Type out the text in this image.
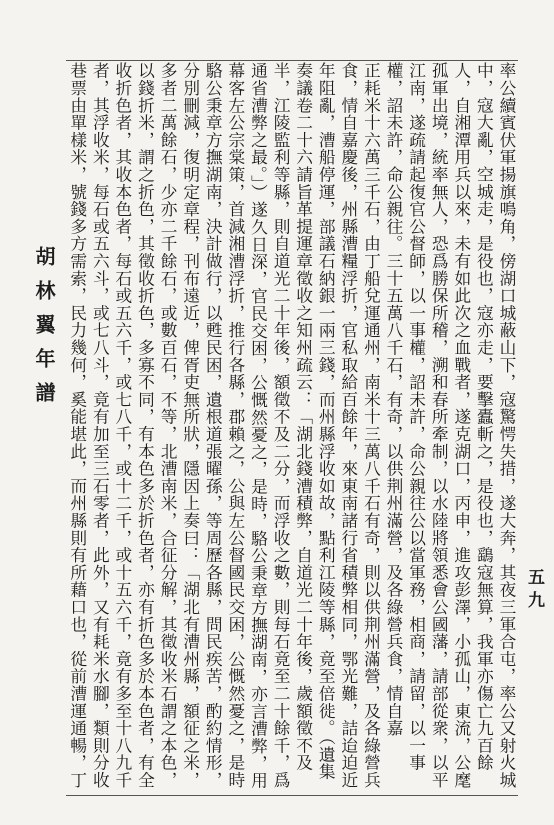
五九

率公續賓伏軍揚旗鳴角，傍湖口城蔽山下，寇驚愕失措，遂大奔，其夜三軍合屯，率公又射火城中，寇大亂，空城走，是役也，寇亦走，要擊蠹斬之，是役也，鷂寇無算，我軍亦傷亡九百餘人，自湘潭用兵以來，未有如此次之血戰者，遂克湖口，丙申，進攻彭澤，小孤山，東流，公麾孤軍出境，統率無人，恐爲勝保所稽，溯和春所牽制，以水陸將領悉會公國藩，請部從衆，以平江南，遂疏請起復官公督師，以一事權，詔未許，命公親往公以當軍務，相商，請留，以一事權，詔未許，命公親往。三十五萬八千石，有奇，以供荆州滿營，及各綠營兵食，情自嘉

正耗米十六萬三千石，由丁船兌運通州，南米十三萬八千石有奇，則以供荆州滿營，及各綠營兵食，情自嘉慶後，州縣漕糧浮折，官私取給百餘年，來東南諸行省積弊相同，鄂光難，詰迨迫近年阻亂，漕船停運，部議石納銀一兩三錢，而州縣浮收如故，點利江陵等縣，竟至倍徙。（遺集奏議卷二十六請旨革提運章徵收之知州疏云：「湖北錢漕積弊，自道光二十年後，歲額徵不及半，江陵監利等縣，則自道光二十年後，額徵不及二分，而浮收之數，則每石竟至二十餘千，爲通省漕弊之最。」）遂久日深，官民交困，公慨然憂之，是時，駱公秉章方撫湖南，亦言漕弊，用幕客左公宗棠策，首減湘漕浮折，推行各縣，郡賴之，公與左公督國民交困，公慨然憂之，是時駱公秉章方撫湖南，決計做行，以甦民困，遺根道張曜孫，等周歷各縣，問民疾苦，酌約情形，分別刪減，復明定章程，刊布遠近，俾胥吏無所狀，隱因上奏曰：「湖北有漕州縣，額征之米，多者二萬餘石，少亦二千餘石，或數百石，不等，北漕南米，合征分解，其徵收米石謂之本色，以錢折米，謂之折色，其徵收折色，多寡不同，有本色多於折色者，亦有折色多於本色者，有全收折色者，其收本色者，每石或五六千，或七八千，或十二千，或十五六千，竟有多至十八九千者，其浮收米，每石或五六斗，或七八斗，竟有加至三石零者，此外，又有耗米水腳，類則分收巷票由單樣米，號錢多方需索，民力幾何，奚能堪此，而州縣則有所藉口也，從前漕運通暢，丁

胡林翼年譜
